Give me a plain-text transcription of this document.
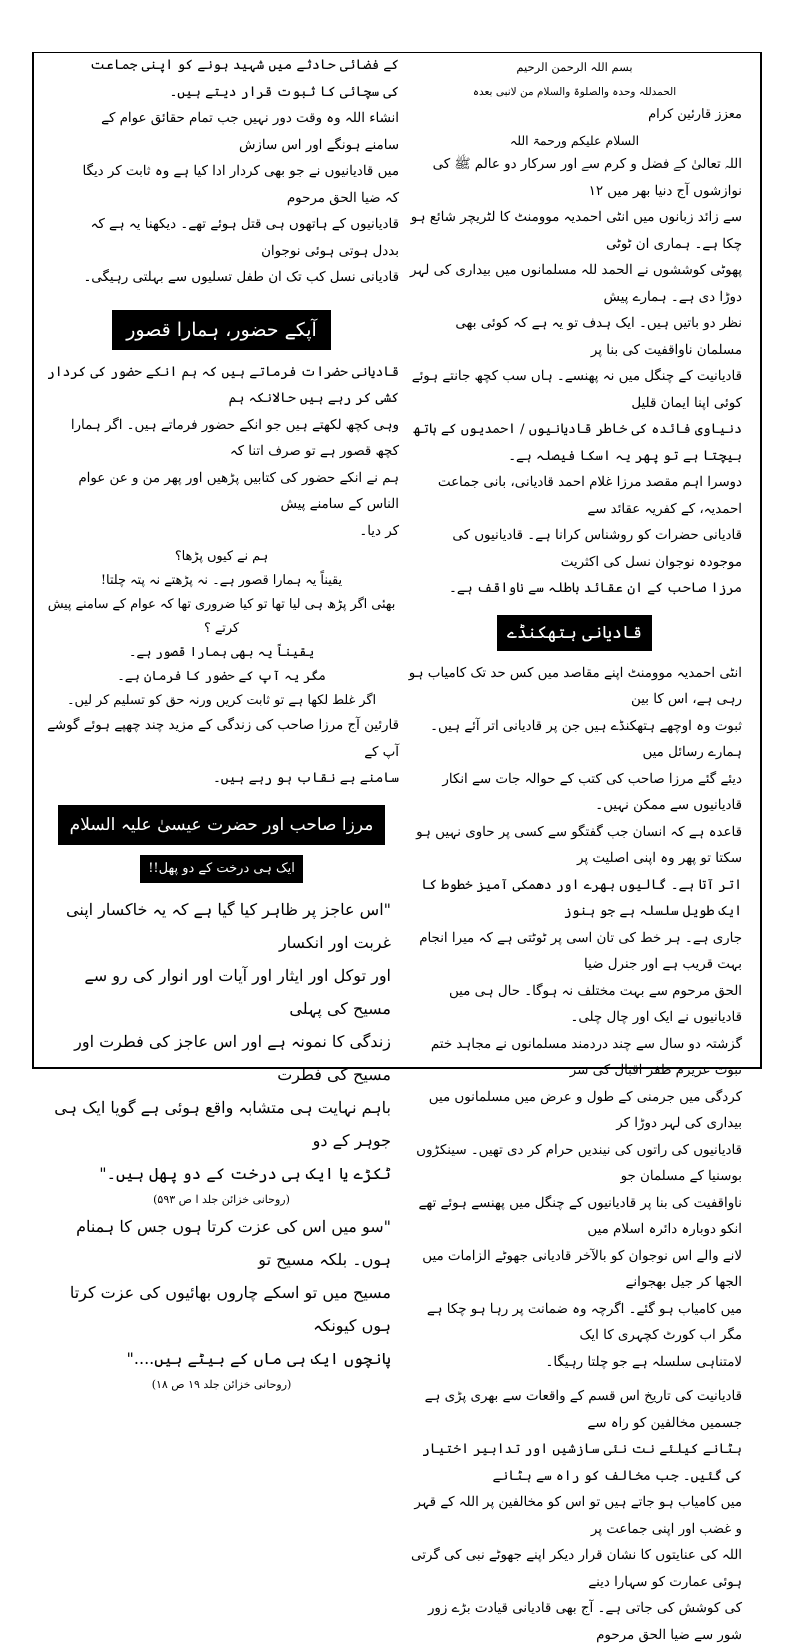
بسم اللہ الرحمن الرحیم
الحمدللہ وحدہ والصلوۃ والسلام من لانبی بعدہ
معزز قارئین کرام
السلام علیکم ورحمۃ اللہ
اللہ تعالیٰ کے فضل و کرم سے اور سرکار دو عالم ﷺ کی نوازشوں آج دنیا بھر میں ۱۲
سے زائد زبانوں میں انٹی احمدیہ موومنٹ کا لٹریچر شائع ہو چکا ہے۔ ہماری ان ٹوٹی
پھوٹی کوششوں نے الحمد للہ مسلمانوں میں بیداری کی لہر دوڑا دی ہے۔ ہمارے پیش
نظر دو باتیں ہیں۔ ایک ہدف تو یہ ہے کہ کوئی بھی مسلمان ناواقفیت کی بنا پر
قادیانیت کے چنگل میں نہ پھنسے۔ ہاں سب کچھ جانتے ہوئے کوئی اپنا ایمان قلیل
دنیاوی فائدہ کی خاطر قادیانیوں / احمدیوں کے ہاتھ بیچتا ہے تو پھر یہ اسکا فیصلہ ہے۔
دوسرا اہم مقصد مرزا غلام احمد قادیانی، بانی جماعت احمدیہ، کے کفریہ عقائد سے
قادیانی حضرات کو روشناس کرانا ہے۔ قادیانیوں کی موجودہ نوجوان نسل کی اکثریت
مرزا صاحب کے ان عقائد باطلہ سے ناواقف ہے۔
قادیانی ہتھکنڈے
انٹی احمدیہ موومنٹ اپنے مقاصد میں کس حد تک کامیاب ہو رہی ہے، اس کا بین
ثبوت وہ اوچھے ہتھکنڈے ہیں جن پر قادیانی اتر آئے ہیں۔ ہمارے رسائل میں
دیئے گئے مرزا صاحب کی کتب کے حوالہ جات سے انکار قادیانیوں سے ممکن نہیں۔
قاعدہ ہے کہ انسان جب گفتگو سے کسی پر حاوی نہیں ہو سکتا تو پھر وہ اپنی اصلیت پر
اتر آتا ہے۔ گالیوں بھرے اور دھمکی آمیز خطوط کا ایک طویل سلسلہ ہے جو ہنوز
جاری ہے۔ ہر خط کی تان اسی پر ٹوٹتی ہے کہ میرا انجام بہت قریب ہے اور جنرل ضیا
الحق مرحوم سے بہت مختلف نہ ہوگا۔ حال ہی میں قادیانیوں نے ایک اور چال چلی۔
گزشتہ دو سال سے چند دردمند مسلمانوں نے مجاہد ختم نبوت عزیزم ظفر اقبال کی سر
کردگی میں جرمنی کے طول و عرض میں مسلمانوں میں بیداری کی لہر دوڑا کر
قادیانیوں کی راتوں کی نیندیں حرام کر دی تھیں۔ سینکڑوں بوسنیا کے مسلمان جو
ناواقفیت کی بنا پر قادیانیوں کے چنگل میں پھنسے ہوئے تھے انکو دوبارہ دائرہ اسلام میں
لانے والے اس نوجوان کو بالآخر قادیانی جھوٹے الزامات میں الجھا کر جیل بھجوانے
میں کامیاب ہو گئے۔ اگرچہ وہ ضمانت پر رہا ہو چکا ہے مگر اب کورٹ کچہری کا ایک
لامتناہی سلسلہ ہے جو چلتا رہیگا۔
قادیانیت کی تاریخ اس قسم کے واقعات سے بھری پڑی ہے جسمیں مخالفین کو راہ سے
ہٹانے کیلئے نت نئی سازشیں اور تدابیر اختیار کی گئیں۔ جب مخالف کو راہ سے ہٹانے
میں کامیاب ہو جاتے ہیں تو اس کو مخالفین پر اللہ کے قہر و غضب اور اپنی جماعت پر
اللہ کی عنایتوں کا نشان قرار دیکر اپنے جھوٹے نبی کی گرتی ہوئی عمارت کو سہارا دینے
کی کوشش کی جاتی ہے۔ آج بھی قادیانی قیادت بڑے زور شور سے ضیا الحق مرحوم
کے فضائی حادثے میں شہید ہونے کو اپنی جماعت کی سچائی کا ثبوت قرار دیتے ہیں۔
انشاء اللہ وہ وقت دور نہیں جب تمام حقائق عوام کے سامنے ہونگے اور اس سازش
میں قادیانیوں نے جو بھی کردار ادا کیا ہے وہ ثابت کر دیگا کہ ضیا الحق مرحوم
قادیانیوں کے ہاتھوں ہی قتل ہوئے تھے۔ دیکھنا یہ ہے کہ بددل ہوتی ہوئی نوجوان
قادیانی نسل کب تک ان طفل تسلیوں سے بہلتی رہیگی۔
آپکے حضور، ہمارا قصور
قادیانی حضرات فرماتے ہیں کہ ہم انکے حضور کی کردار کشی کر رہے ہیں حالانکہ ہم
وہی کچھ لکھتے ہیں جو انکے حضور فرماتے ہیں۔ اگر ہمارا کچھ قصور ہے تو صرف اتنا کہ
ہم نے انکے حضور کی کتابیں پڑھیں اور پھر من و عن عوام الناس کے سامنے پیش
کر دیا۔
ہم نے کیوں پڑھا؟
یقیناً یہ ہمارا قصور ہے۔ نہ پڑھتے نہ پتہ چلتا!
بھئی اگر پڑھ ہی لیا تھا تو کیا ضروری تھا کہ عوام کے سامنے پیش کرتے ؟
یقیناً یہ بھی ہمارا قصور ہے۔
مگر یہ آپ کے حضور کا فرمان ہے۔
اگر غلط لکھا ہے تو ثابت کریں ورنہ حق کو تسلیم کر لیں۔
قارئین آج مرزا صاحب کی زندگی کے مزید چند چھپے ہوئے گوشے آپ کے
سامنے بے نقاب ہو رہے ہیں۔
مرزا صاحب اور حضرت عیسیٰ علیہ السلام
ایک ہی درخت کے دو پھل!!
"اس عاجز پر ظاہر کیا گیا ہے کہ یہ خاکسار اپنی غربت اور انکسار
اور توکل اور ایثار اور آیات اور انوار کی رو سے مسیح کی پہلی
زندگی کا نمونہ ہے اور اس عاجز کی فطرت اور مسیح کی فطرت
باہم نہایت ہی متشابہ واقع ہوئی ہے گویا ایک ہی جوہر کے دو
ٹکڑے یا ایک ہی درخت کے دو پھل ہیں۔"
(روحانی خزائن جلد ا ص ۵۹۳)
"سو میں اس کی عزت کرتا ہوں جس کا ہمنام ہوں۔ بلکہ مسیح تو
مسیح میں تو اسکے چاروں بھائیوں کی عزت کرتا ہوں کیونکہ
پانچوں ایک ہی ماں کے بیٹے ہیں...."
(روحانی خزائن جلد ۱۹ ص ۱۸)
